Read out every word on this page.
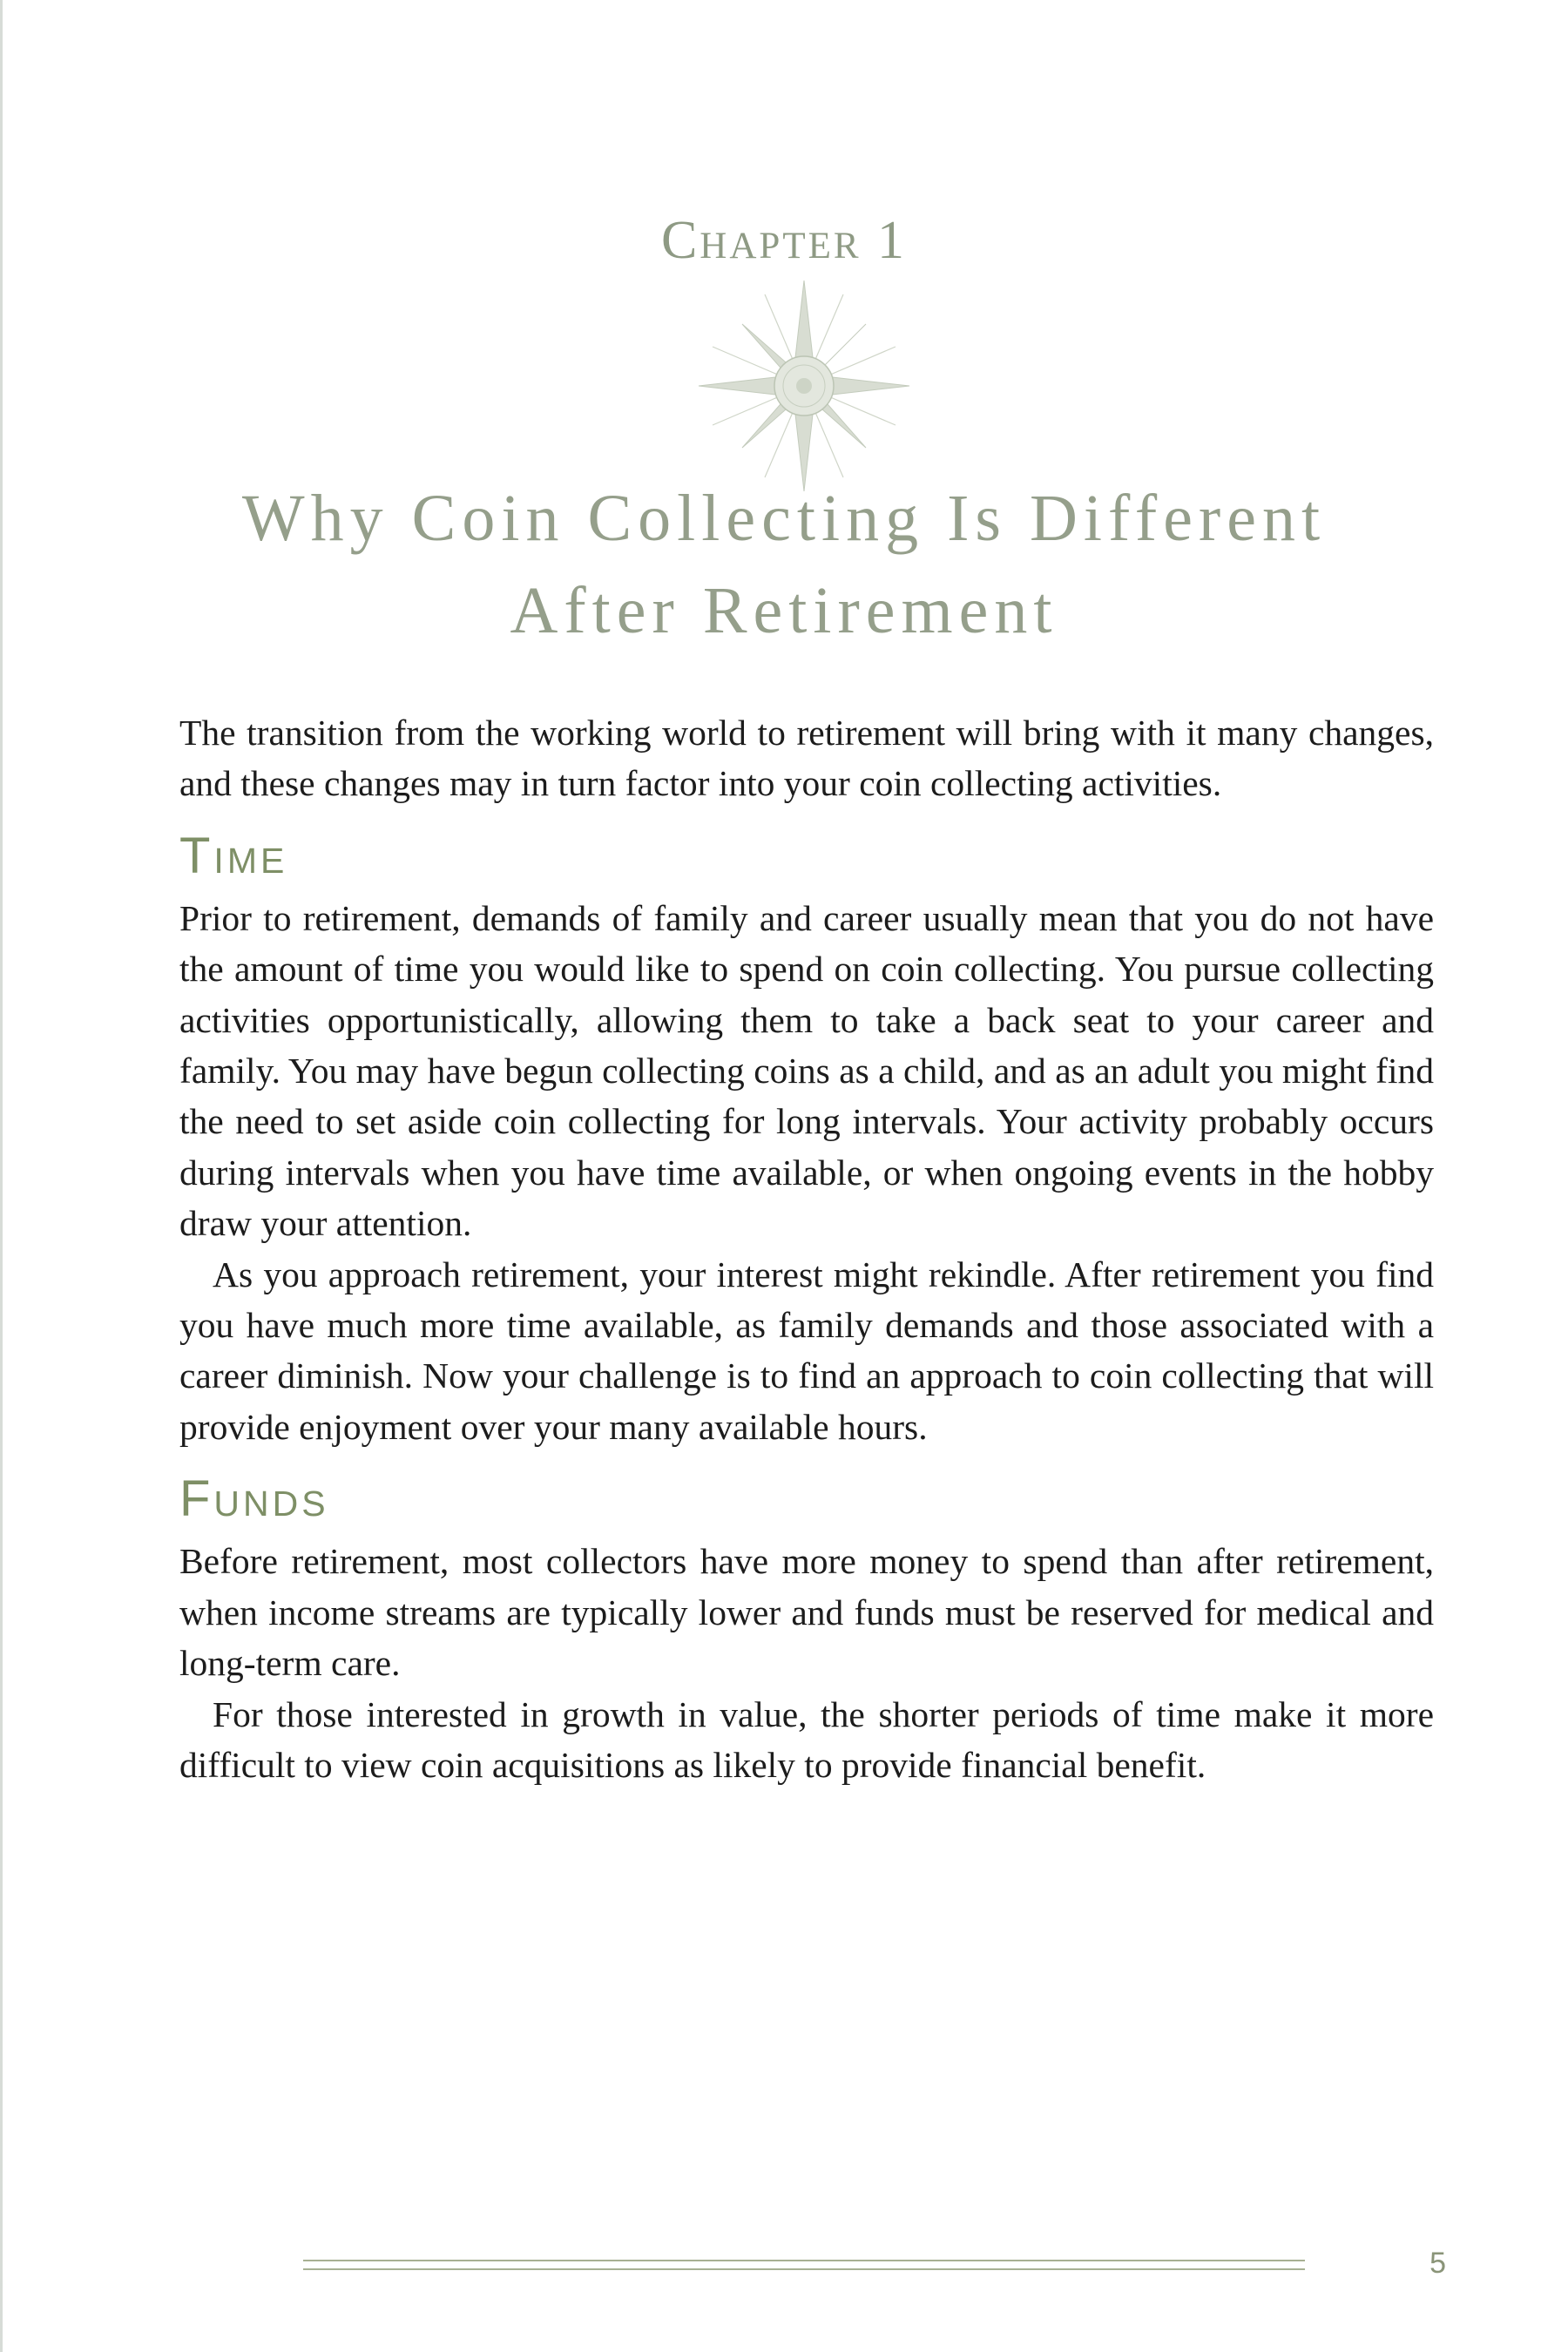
Chapter 1
Why Coin Collecting Is Different
After Retirement

The transition from the working world to retirement will bring with it many changes, and these changes may in turn factor into your coin collecting activities.

Time

Prior to retirement, demands of family and career usually mean that you do not have the amount of time you would like to spend on coin collecting. You pursue collecting activities opportunistically, allowing them to take a back seat to your career and family. You may have begun collecting coins as a child, and as an adult you might find the need to set aside coin collecting for long intervals. Your activity probably occurs during intervals when you have time available, or when ongoing events in the hobby draw your attention.

As you approach retirement, your interest might rekindle. After retirement you find you have much more time available, as family demands and those associated with a career diminish. Now your challenge is to find an approach to coin collecting that will provide enjoyment over your many available hours.

Funds

Before retirement, most collectors have more money to spend than after retirement, when income streams are typically lower and funds must be reserved for medical and long-term care.

For those interested in growth in value, the shorter periods of time make it more difficult to view coin acquisitions as likely to provide financial benefit.

5
